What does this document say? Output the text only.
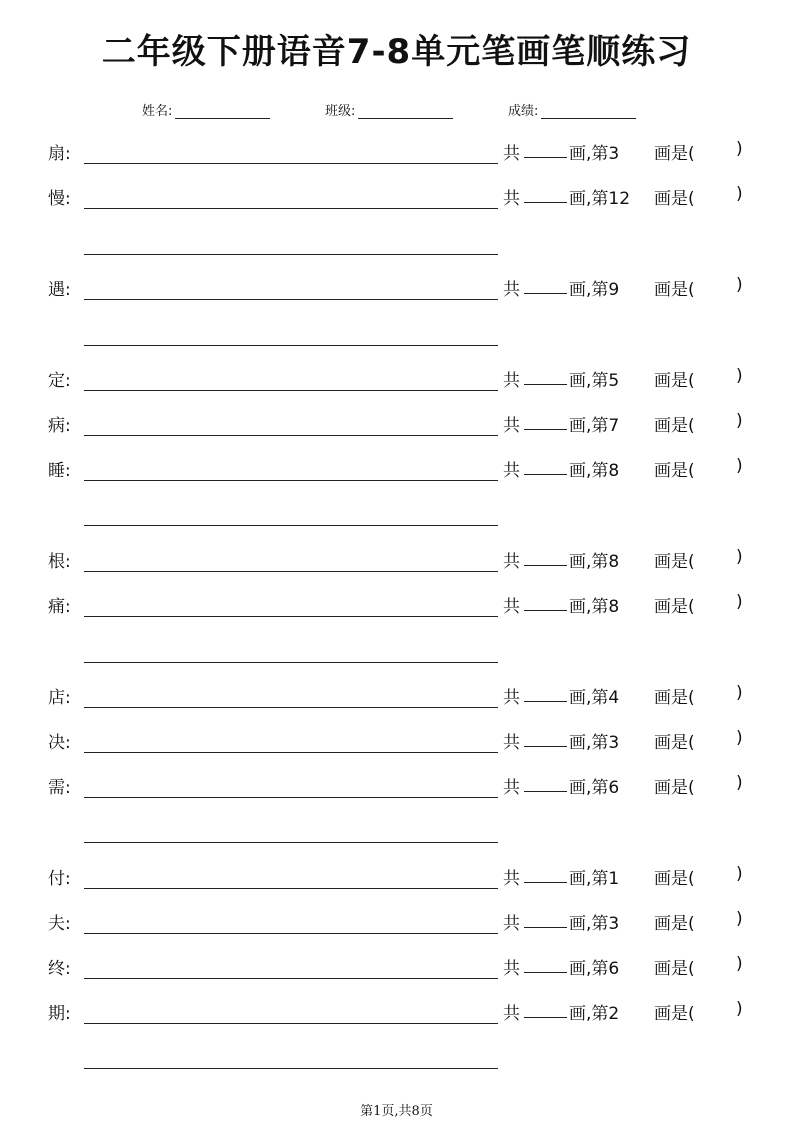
二年级下册语音7-8单元笔画笔顺练习
姓名:	班级:	成绩:
扇:	共	画,第3 画是( )
慢:	共	画,第12 画是( )
遇:	共	画,第9 画是( )
定:	共	画,第5 画是( )
病:	共	画,第7 画是( )
睡:	共	画,第8 画是( )
根:	共	画,第8 画是( )
痛:	共	画,第8 画是( )
店:	共	画,第4 画是( )
决:	共	画,第3 画是( )
需:	共	画,第6 画是( )
付:	共	画,第1 画是( )
夫:	共	画,第3 画是( )
终:	共	画,第6 画是( )
期:	共	画,第2 画是( )
第1页,共8页
